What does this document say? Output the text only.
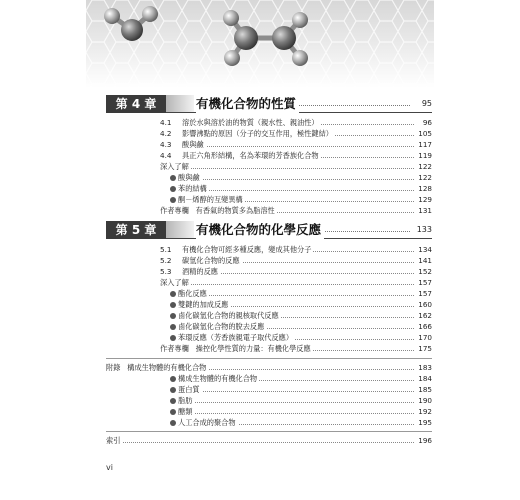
第 4 章	有機化合物的性質	95
4.1 溶於水與溶於油的物質（親水性、親油性）	96
4.2 影響沸點的原因（分子的交互作用，極性鍵結）	105
4.3 酸與鹼	117
4.4 具正六角形結構，名為苯環的芳香族化合物	119
深入了解	122
酸與鹼	122
苯的結構	128
酮－烯醇的互變異構	129
作者專欄 有香氣的物質多為脂溶性	131
第 5 章	有機化合物的化學反應	133
5.1 有機化合物可經多種反應，變成其他分子	134
5.2 碳氫化合物的反應	141
5.3 酒精的反應	152
深入了解	157
酯化反應	157
雙鍵的加成反應	160
鹵化碳氫化合物的親核取代反應	162
鹵化碳氫化合物的脫去反應	166
苯環反應（芳香族親電子取代反應）	170
作者專欄 操控化學性質的力量：有機化學反應	175
附錄 構成生物體的有機化合物	183
構成生物體的有機化合物	184
蛋白質	185
脂肪	190
醣類	192
人工合成的聚合物	195
索引	196
vi
